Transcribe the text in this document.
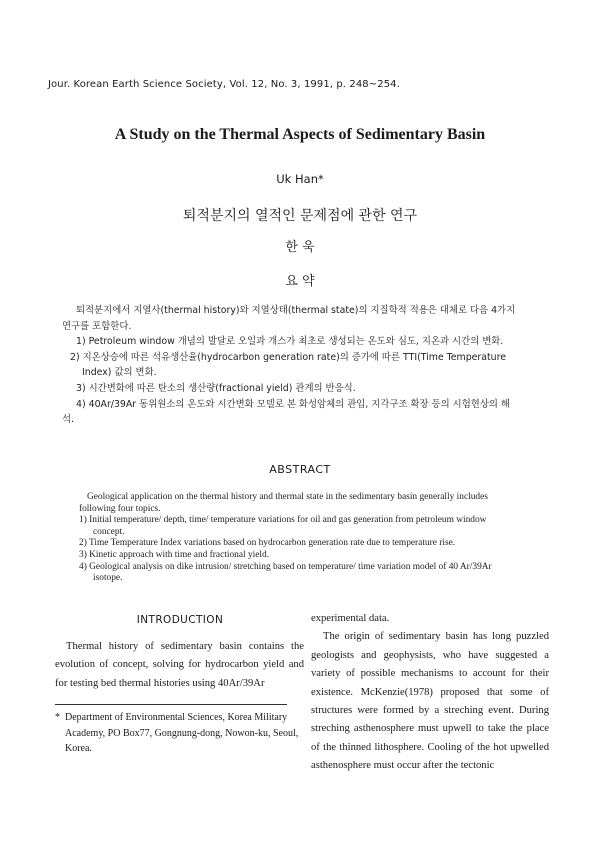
Jour. Korean Earth Science Society, Vol. 12, No. 3, 1991, p. 248~254.
A Study on the Thermal Aspects of Sedimentary Basin
Uk Han*
퇴적분지의 열적인 문제점에 관한 연구
한 욱
요 약

퇴적분지에서 지열사(thermal history)와 지열상태(thermal state)의 지질학적 적용은 대체로 다음 4가지 연구를 포함한다.

1) Petroleum window 개념의 발달로 오일과 개스가 최초로 생성되는 온도와 심도, 지온과 시간의 변화.

2) 지온상승에 따른 석유생산율(hydrocarbon generation rate)의 증가에 따른 TTI(Time Temperature Index) 값의 변화.

3) 시간변화에 따른 탄소의 생산량(fractional yield) 관계의 반응식.

4) 40Ar/39Ar 동위원소의 온도와 시간변화 모델로 본 화성암체의 관입, 지각구조 확장 등의 시험현상의 해석.

ABSTRACT

Geological application on the thermal history and thermal state in the sedimentary basin generally includes following four topics.

1) Initial temperature/ depth, time/ temperature variations for oil and gas generation from petroleum window concept.

2) Time Temperature Index variations based on hydrocarbon generation rate due to temperature rise.

3) Kinetic approach with time and fractional yield.

4) Geological analysis on dike intrusion/ stretching based on temperature/ time variation model of 40 Ar/39Ar isotope.

INTRODUCTION

Thermal history of sedimentary basin contains the evolution of concept, solving for hydrocarbon yield and for testing bed thermal histories using 40Ar/39Ar

* Department of Environmental Sciences, Korea Military Academy, PO Box77, Gongnung-dong, Nowon-ku, Seoul, Korea.

experimental data.

The origin of sedimentary basin has long puzzled geologists and geophysists, who have suggested a variety of possible mechanisms to account for their existence. McKenzie(1978) proposed that some of structures were formed by a streching event. During streching asthenosphere must upwell to take the place of the thinned lithosphere. Cooling of the hot upwelled asthenosphere must occur after the tectonic
